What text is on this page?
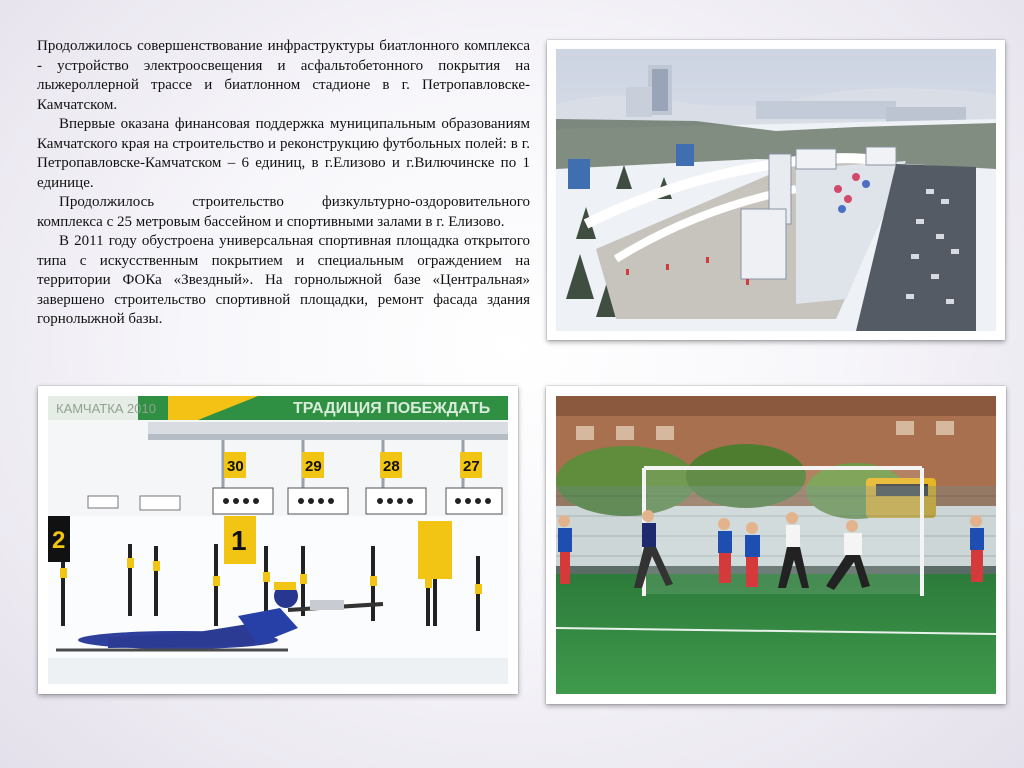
Продолжилось совершенствование инфраструктуры биатлонного комплекса - устройство электроосвещения и асфальтобетонного покрытия на лыжероллерной трассе и биатлонном стадионе в г. Петропавловске-Камчатском.

Впервые оказана финансовая поддержка муниципальным образованиям Камчатского края на строительство и реконструкцию футбольных полей: в г. Петропавловске-Камчатском – 6 единиц, в г.Елизово и г.Вилючинске по 1 единице.

Продолжилось строительство физкультурно-оздоровительного комплекса с 25 метровым бассейном и спортивными залами в г. Елизово.

В 2011 году обустроена универсальная спортивная площадка открытого типа с искусственным покрытием и специальным ограждением на территории ФОКа «Звездный». На горнолыжной базе «Центральная» завершено строительство спортивной площадки, ремонт фасада здания горнолыжной базы.

КАМЧАТКА 2010	ТРАДИЦИЯ ПОБЕЖДАТЬ
30	29	28	27
2	1
